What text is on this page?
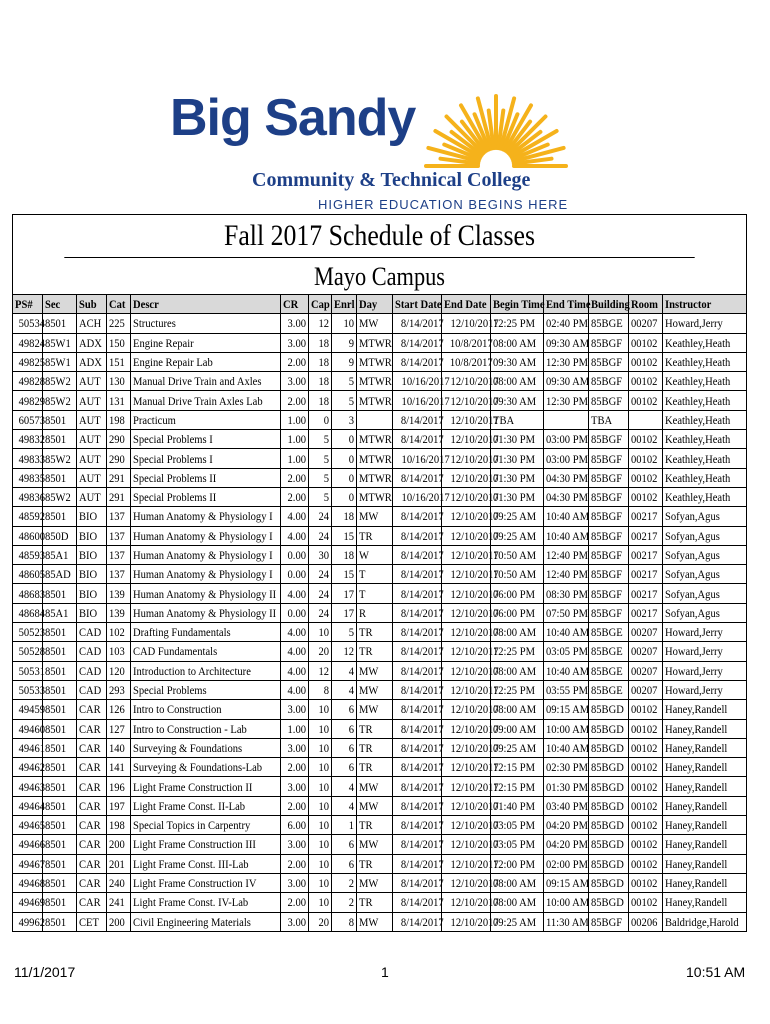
Big Sandy
Community & Technical College
HIGHER EDUCATION BEGINS HERE
Fall 2017 Schedule of Classes
Mayo Campus
PS#	Sec	Sub	Cat	Descr	CR	Cap	Enrl	Day	Start Date	End Date	Begin Time	End Time	Building	Room	Instructor
50534	8501	ACH	225	Structures	3.00	12	10	MW	8/14/2017	12/10/2017	12:25 PM	02:40 PM	85BGE	00207	Howard,Jerry
49824	85W1	ADX	150	Engine Repair	3.00	18	9	MTWR	8/14/2017	10/8/2017	08:00 AM	09:30 AM	85BGF	00102	Keathley,Heath
49825	85W1	ADX	151	Engine Repair Lab	2.00	18	9	MTWR	8/14/2017	10/8/2017	09:30 AM	12:30 PM	85BGF	00102	Keathley,Heath
49828	85W2	AUT	130	Manual Drive Train and Axles	3.00	18	5	MTWR	10/16/2017	12/10/2017	08:00 AM	09:30 AM	85BGF	00102	Keathley,Heath
49829	85W2	AUT	131	Manual Drive Train Axles Lab	2.00	18	5	MTWR	10/16/2017	12/10/2017	09:30 AM	12:30 PM	85BGF	00102	Keathley,Heath
60573	8501	AUT	198	Practicum	1.00	0	3		8/14/2017	12/10/2017	TBA		TBA		Keathley,Heath
49832	8501	AUT	290	Special Problems I	1.00	5	0	MTWR	8/14/2017	12/10/2017	01:30 PM	03:00 PM	85BGF	00102	Keathley,Heath
49833	85W2	AUT	290	Special Problems I	1.00	5	0	MTWR	10/16/2017	12/10/2017	01:30 PM	03:00 PM	85BGF	00102	Keathley,Heath
49835	8501	AUT	291	Special Problems II	2.00	5	0	MTWR	8/14/2017	12/10/2017	01:30 PM	04:30 PM	85BGF	00102	Keathley,Heath
49836	85W2	AUT	291	Special Problems II	2.00	5	0	MTWR	10/16/2017	12/10/2017	01:30 PM	04:30 PM	85BGF	00102	Keathley,Heath
48592	8501	BIO	137	Human Anatomy & Physiology I	4.00	24	18	MW	8/14/2017	12/10/2017	09:25 AM	10:40 AM	85BGF	00217	Sofyan,Agus
48600	850D	BIO	137	Human Anatomy & Physiology I	4.00	24	15	TR	8/14/2017	12/10/2017	09:25 AM	10:40 AM	85BGF	00217	Sofyan,Agus
48593	85A1	BIO	137	Human Anatomy & Physiology I	0.00	30	18	W	8/14/2017	12/10/2017	10:50 AM	12:40 PM	85BGF	00217	Sofyan,Agus
48605	85AD	BIO	137	Human Anatomy & Physiology I	0.00	24	15	T	8/14/2017	12/10/2017	10:50 AM	12:40 PM	85BGF	00217	Sofyan,Agus
48683	8501	BIO	139	Human Anatomy & Physiology II	4.00	24	17	T	8/14/2017	12/10/2017	06:00 PM	08:30 PM	85BGF	00217	Sofyan,Agus
48684	85A1	BIO	139	Human Anatomy & Physiology II	0.00	24	17	R	8/14/2017	12/10/2017	06:00 PM	07:50 PM	85BGF	00217	Sofyan,Agus
50523	8501	CAD	102	Drafting Fundamentals	4.00	10	5	TR	8/14/2017	12/10/2017	08:00 AM	10:40 AM	85BGE	00207	Howard,Jerry
50528	8501	CAD	103	CAD Fundamentals	4.00	20	12	TR	8/14/2017	12/10/2017	12:25 PM	03:05 PM	85BGE	00207	Howard,Jerry
50531	8501	CAD	120	Introduction to Architecture	4.00	12	4	MW	8/14/2017	12/10/2017	08:00 AM	10:40 AM	85BGE	00207	Howard,Jerry
50533	8501	CAD	293	Special Problems	4.00	8	4	MW	8/14/2017	12/10/2017	12:25 PM	03:55 PM	85BGE	00207	Howard,Jerry
49459	8501	CAR	126	Intro to Construction	3.00	10	6	MW	8/14/2017	12/10/2017	08:00 AM	09:15 AM	85BGD	00102	Haney,Randell
49460	8501	CAR	127	Intro to Construction - Lab	1.00	10	6	TR	8/14/2017	12/10/2017	09:00 AM	10:00 AM	85BGD	00102	Haney,Randell
49461	8501	CAR	140	Surveying & Foundations	3.00	10	6	TR	8/14/2017	12/10/2017	09:25 AM	10:40 AM	85BGD	00102	Haney,Randell
49462	8501	CAR	141	Surveying & Foundations-Lab	2.00	10	6	TR	8/14/2017	12/10/2017	12:15 PM	02:30 PM	85BGD	00102	Haney,Randell
49463	8501	CAR	196	Light Frame Construction II	3.00	10	4	MW	8/14/2017	12/10/2017	12:15 PM	01:30 PM	85BGD	00102	Haney,Randell
49464	8501	CAR	197	Light Frame Const. II-Lab	2.00	10	4	MW	8/14/2017	12/10/2017	01:40 PM	03:40 PM	85BGD	00102	Haney,Randell
49465	8501	CAR	198	Special Topics in Carpentry	6.00	10	1	TR	8/14/2017	12/10/2017	03:05 PM	04:20 PM	85BGD	00102	Haney,Randell
49466	8501	CAR	200	Light Frame Construction III	3.00	10	6	MW	8/14/2017	12/10/2017	03:05 PM	04:20 PM	85BGD	00102	Haney,Randell
49467	8501	CAR	201	Light Frame Const. III-Lab	2.00	10	6	TR	8/14/2017	12/10/2017	12:00 PM	02:00 PM	85BGD	00102	Haney,Randell
49468	8501	CAR	240	Light Frame Construction IV	3.00	10	2	MW	8/14/2017	12/10/2017	08:00 AM	09:15 AM	85BGD	00102	Haney,Randell
49469	8501	CAR	241	Light Frame Const. IV-Lab	2.00	10	2	TR	8/14/2017	12/10/2017	08:00 AM	10:00 AM	85BGD	00102	Haney,Randell
49962	8501	CET	200	Civil Engineering Materials	3.00	20	8	MW	8/14/2017	12/10/2017	09:25 AM	11:30 AM	85BGF	00206	Baldridge,Harold
11/1/2017	1	10:51 AM
